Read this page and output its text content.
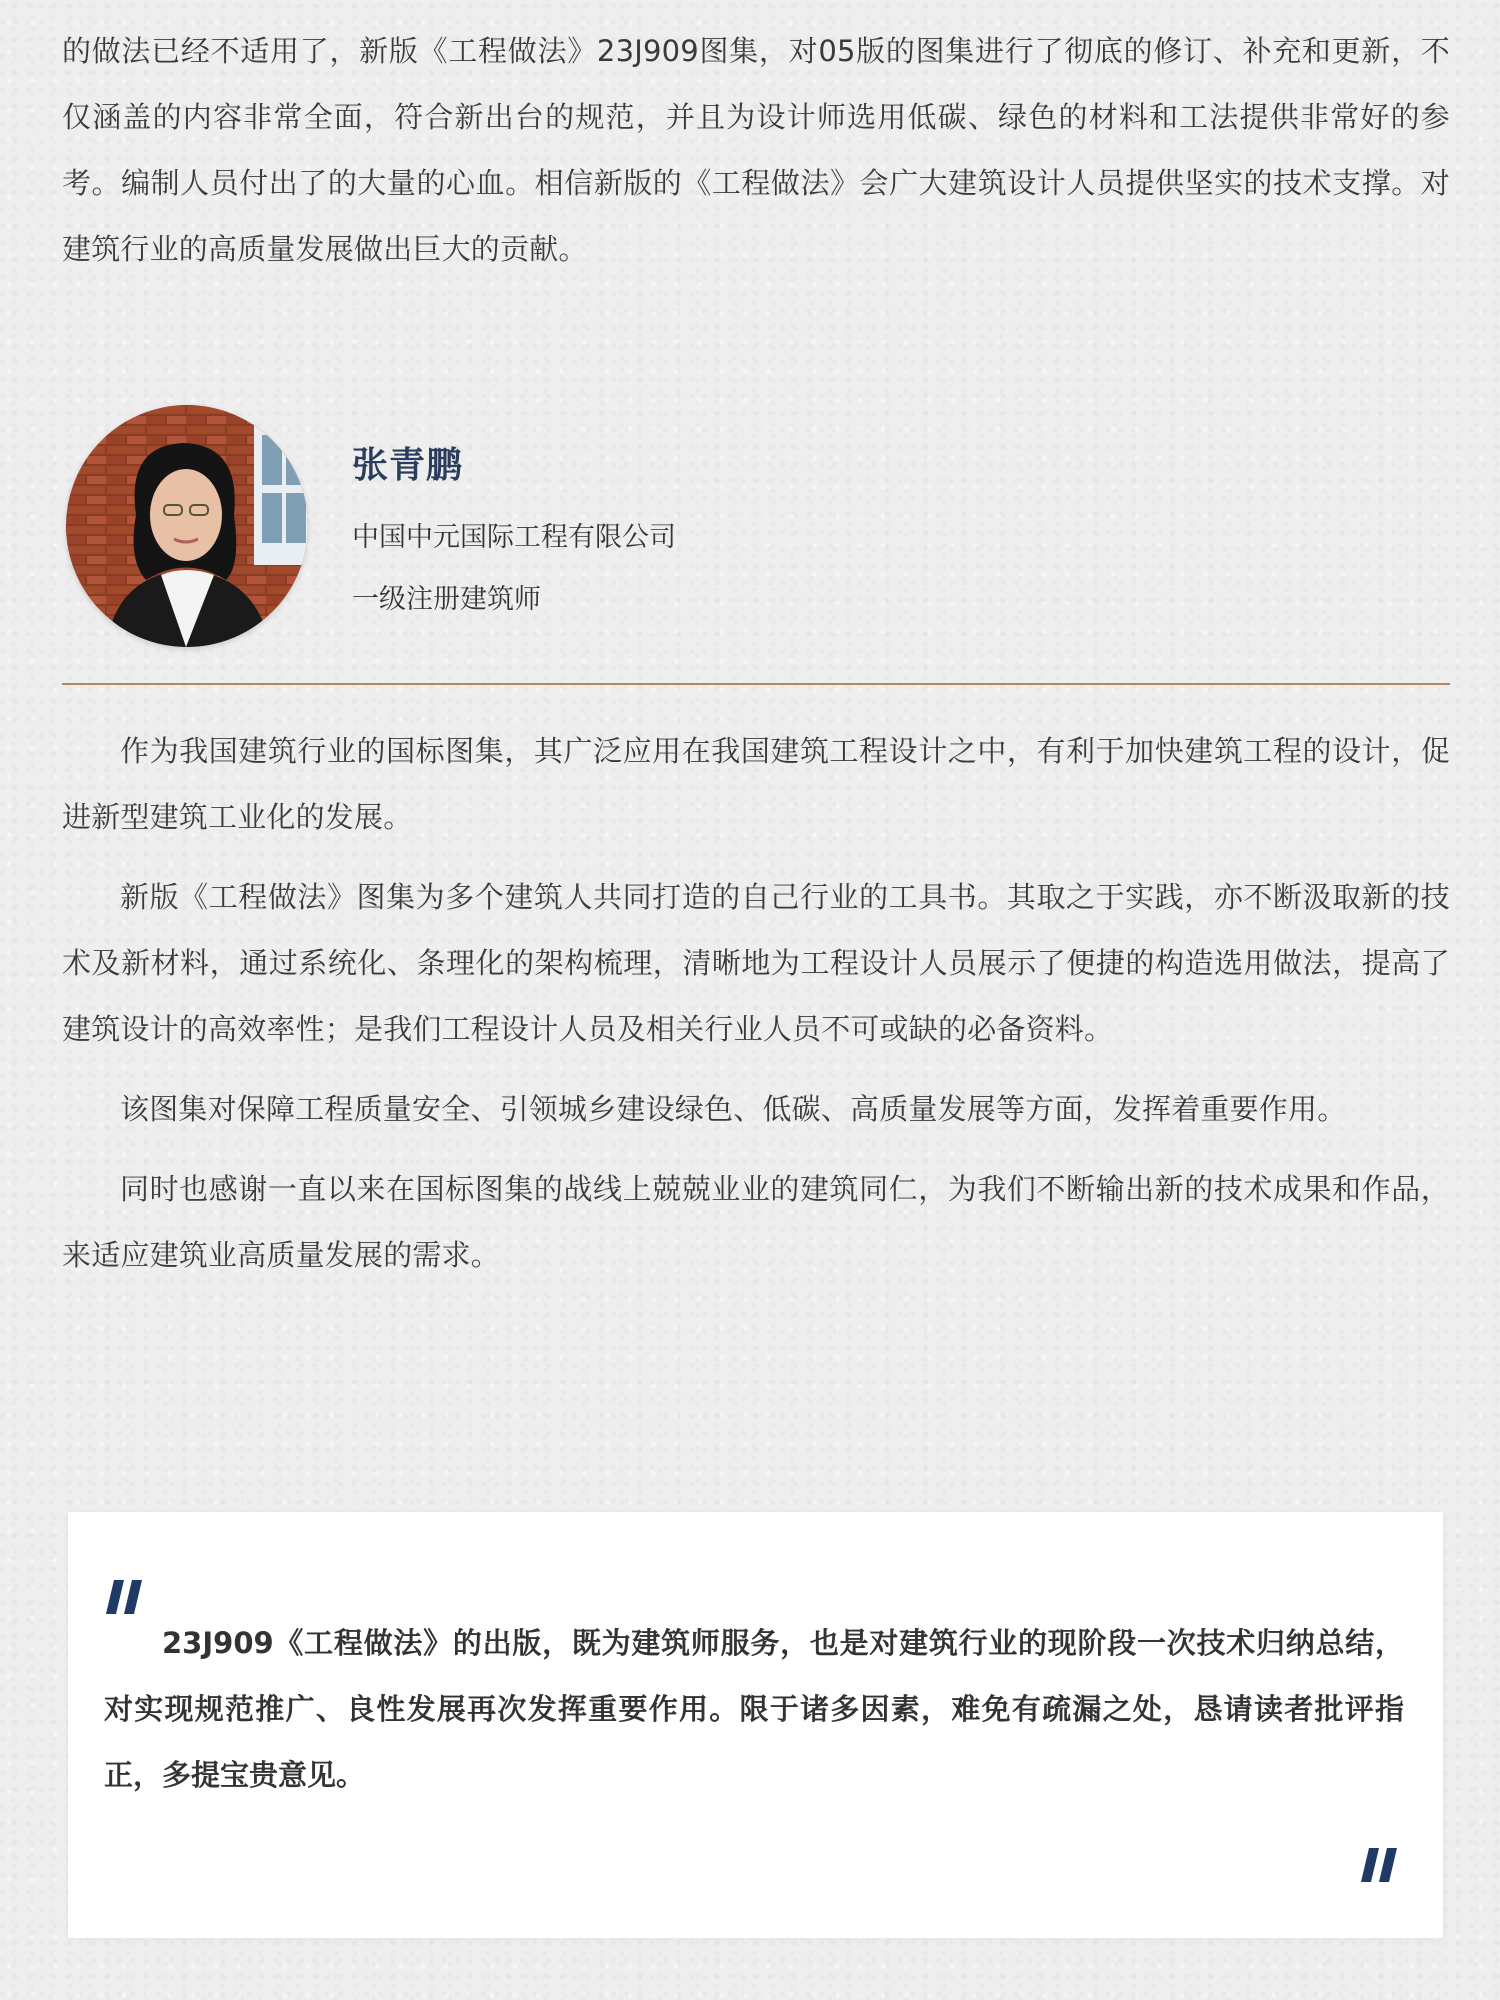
的做法已经不适用了，新版《工程做法》23J909图集，对05版的图集进行了彻底的修订、补充和更新，不仅涵盖的内容非常全面，符合新出台的规范，并且为设计师选用低碳、绿色的材料和工法提供非常好的参考。编制人员付出了的大量的心血。相信新版的《工程做法》会广大建筑设计人员提供坚实的技术支撑。对建筑行业的高质量发展做出巨大的贡献。

张青鹏
中国中元国际工程有限公司
一级注册建筑师

作为我国建筑行业的国标图集，其广泛应用在我国建筑工程设计之中，有利于加快建筑工程的设计，促进新型建筑工业化的发展。

新版《工程做法》图集为多个建筑人共同打造的自己行业的工具书。其取之于实践，亦不断汲取新的技术及新材料，通过系统化、条理化的架构梳理，清晰地为工程设计人员展示了便捷的构造选用做法，提高了建筑设计的高效率性；是我们工程设计人员及相关行业人员不可或缺的必备资料。

该图集对保障工程质量安全、引领城乡建设绿色、低碳、高质量发展等方面，发挥着重要作用。

同时也感谢一直以来在国标图集的战线上兢兢业业的建筑同仁，为我们不断输出新的技术成果和作品，来适应建筑业高质量发展的需求。

23J909《工程做法》的出版，既为建筑师服务，也是对建筑行业的现阶段一次技术归纳总结，对实现规范推广、良性发展再次发挥重要作用。限于诸多因素，难免有疏漏之处，恳请读者批评指正，多提宝贵意见。
